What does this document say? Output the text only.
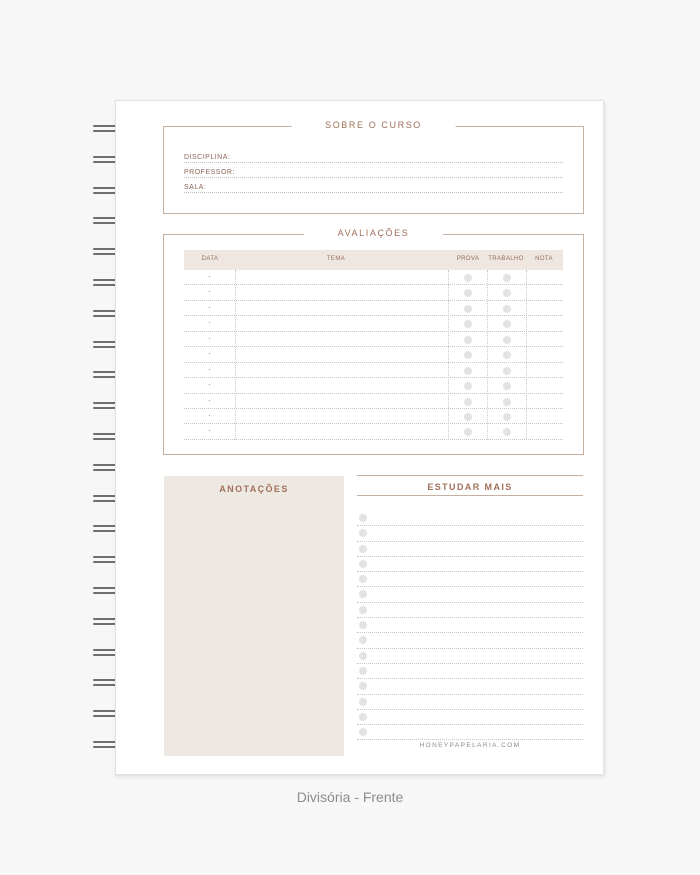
SOBRE O CURSO
DISCIPLINA:
PROFESSOR:
SALA:
AVALIAÇÕES
DATA	TEMA	PROVA TRABALHO NOTA
ANOTAÇÕES	ESTUDAR MAIS
HONEYPAPELARIA.COM
Divisória - Frente
